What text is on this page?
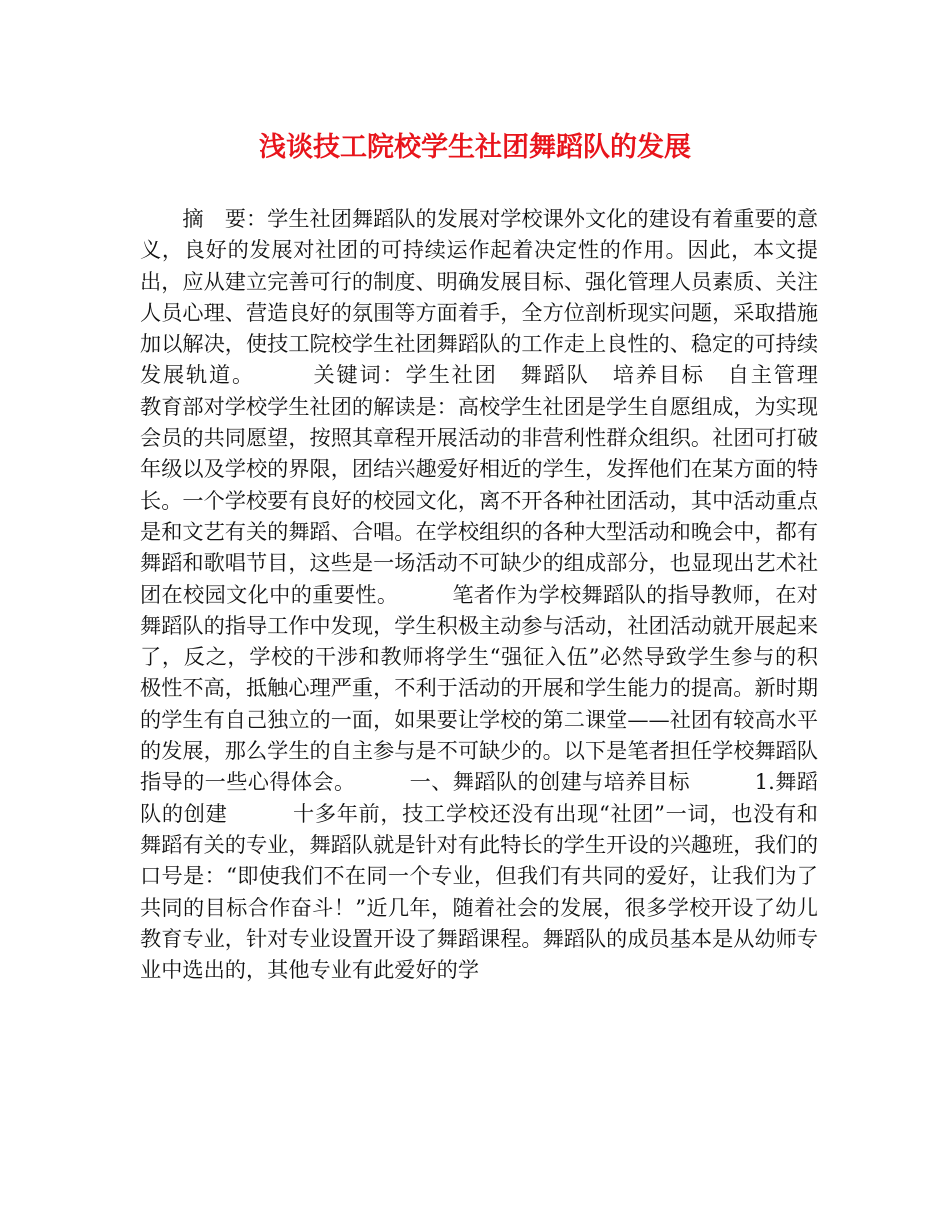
浅谈技工院校学生社团舞蹈队的发展

　　摘　要：学生社团舞蹈队的发展对学校课外文化的建设有着重要的意义，良好的发展对社团的可持续运作起着决定性的作用。因此，本文提出，应从建立完善可行的制度、明确发展目标、强化管理人员素质、关注人员心理、营造良好的氛围等方面着手，全方位剖析现实问题，采取措施加以解决，使技工院校学生社团舞蹈队的工作走上良性的、稳定的可持续发展轨道。　　　关键词：学生社团　舞蹈队　培养目标　自主管理　　　教育部对学校学生社团的解读是：高校学生社团是学生自愿组成，为实现会员的共同愿望，按照其章程开展活动的非营利性群众组织。社团可打破年级以及学校的界限，团结兴趣爱好相近的学生，发挥他们在某方面的特长。一个学校要有良好的校园文化，离不开各种社团活动，其中活动重点是和文艺有关的舞蹈、合唱。在学校组织的各种大型活动和晚会中，都有舞蹈和歌唱节目，这些是一场活动不可缺少的组成部分，也显现出艺术社团在校园文化中的重要性。　　　笔者作为学校舞蹈队的指导教师，在对舞蹈队的指导工作中发现，学生积极主动参与活动，社团活动就开展起来了，反之，学校的干涉和教师将学生“强征入伍”必然导致学生参与的积极性不高，抵触心理严重，不利于活动的开展和学生能力的提高。新时期的学生有自己独立的一面，如果要让学校的第二课堂——社团有较高水平的发展，那么学生的自主参与是不可缺少的。以下是笔者担任学校舞蹈队指导的一些心得体会。　　　一、舞蹈队的创建与培养目标　　　1.舞蹈队的创建　　　十多年前，技工学校还没有出现“社团”一词，也没有和舞蹈有关的专业，舞蹈队就是针对有此特长的学生开设的兴趣班，我们的口号是：“即使我们不在同一个专业，但我们有共同的爱好，让我们为了共同的目标合作奋斗！”近几年，随着社会的发展，很多学校开设了幼儿教育专业，针对专业设置开设了舞蹈课程。舞蹈队的成员基本是从幼师专业中选出的，其他专业有此爱好的学
